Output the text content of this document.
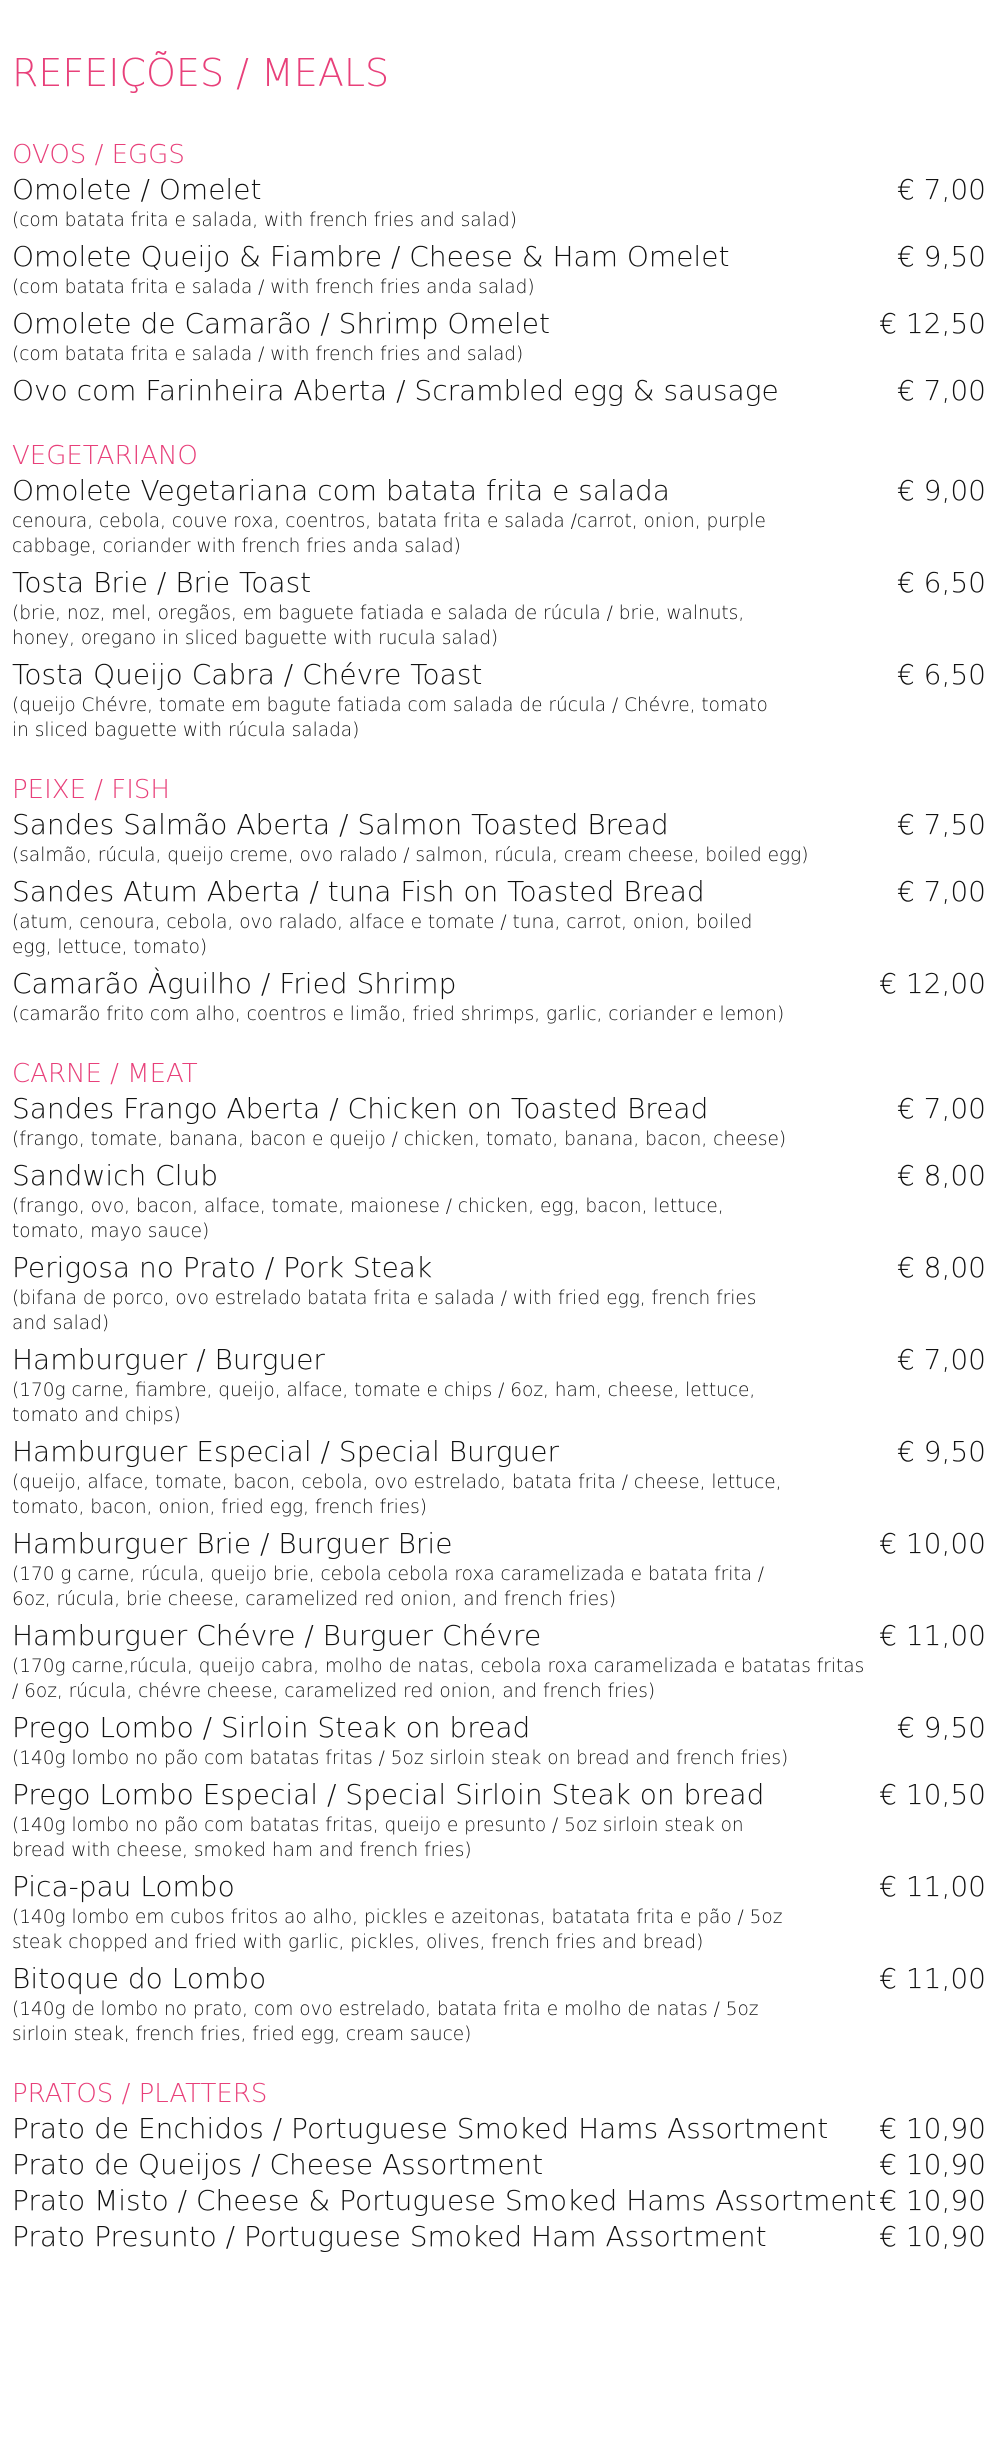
REFEIÇÕES / MEALS
OVOS / EGGS
Omolete / Omelet	€ 7,00
(com batata frita e salada, with french fries and salad)
Omolete Queijo & Fiambre / Cheese & Ham Omelet	€ 9,50
(com batata frita e salada / with french fries anda salad)
Omolete de Camarão / Shrimp Omelet	€ 12,50
(com batata frita e salada / with french fries and salad)
Ovo com Farinheira Aberta / Scrambled egg & sausage	€ 7,00
VEGETARIANO
Omolete Vegetariana com batata frita e salada	€ 9,00
cenoura, cebola, couve roxa, coentros, batata frita e salada /carrot, onion, purple cabbage, coriander with french fries anda salad)
Tosta Brie / Brie Toast	€ 6,50
(brie, noz, mel, oregãos, em baguete fatiada e salada de rúcula / brie, walnuts, honey, oregano in sliced baguette with rucula salad)
Tosta Queijo Cabra / Chévre Toast	€ 6,50
(queijo Chévre, tomate em bagute fatiada com salada de rúcula / Chévre, tomato in sliced baguette with rúcula salada)
PEIXE / FISH
Sandes Salmão Aberta / Salmon Toasted Bread	€ 7,50
(salmão, rúcula, queijo creme, ovo ralado / salmon, rúcula, cream cheese, boiled egg)
Sandes Atum Aberta / tuna Fish on Toasted Bread	€ 7,00
(atum, cenoura, cebola, ovo ralado, alface e tomate / tuna, carrot, onion, boiled egg, lettuce, tomato)
Camarão Àguilho / Fried Shrimp	€ 12,00
(camarão frito com alho, coentros e limão, fried shrimps, garlic, coriander e lemon)
CARNE / MEAT
Sandes Frango Aberta / Chicken on Toasted Bread	€ 7,00
(frango, tomate, banana, bacon e queijo / chicken, tomato, banana, bacon, cheese)
Sandwich Club	€ 8,00
(frango, ovo, bacon, alface, tomate, maionese / chicken, egg, bacon, lettuce, tomato, mayo sauce)
Perigosa no Prato / Pork Steak	€ 8,00
(bifana de porco, ovo estrelado batata frita e salada / with fried egg, french fries and salad)
Hamburguer / Burguer	€ 7,00
(170g carne, fiambre, queijo, alface, tomate e chips / 6oz, ham, cheese, lettuce, tomato and chips)
Hamburguer Especial / Special Burguer	€ 9,50
(queijo, alface, tomate, bacon, cebola, ovo estrelado, batata frita / cheese, lettuce, tomato, bacon, onion, fried egg, french fries)
Hamburguer Brie / Burguer Brie	€ 10,00
(170 g carne, rúcula, queijo brie, cebola cebola roxa caramelizada e batata frita / 6oz, rúcula, brie cheese, caramelized red onion, and french fries)
Hamburguer Chévre / Burguer Chévre	€ 11,00
(170g carne,rúcula, queijo cabra, molho de natas, cebola roxa caramelizada e batatas fritas / 6oz, rúcula, chévre cheese, caramelized red onion, and french fries)
Prego Lombo / Sirloin Steak on bread	€ 9,50
(140g lombo no pão com batatas fritas / 5oz sirloin steak on bread and french fries)
Prego Lombo Especial / Special Sirloin Steak on bread	€ 10,50
(140g lombo no pão com batatas fritas, queijo e presunto / 5oz sirloin steak on bread with cheese, smoked ham and french fries)
Pica-pau Lombo	€ 11,00
(140g lombo em cubos fritos ao alho, pickles e azeitonas, batatata frita e pão / 5oz steak chopped and fried with garlic, pickles, olives, french fries and bread)
Bitoque do Lombo	€ 11,00
(140g de lombo no prato, com ovo estrelado, batata frita e molho de natas / 5oz sirloin steak, french fries, fried egg, cream sauce)
PRATOS / PLATTERS
Prato de Enchidos / Portuguese Smoked Hams Assortment € 10,90
Prato de Queijos / Cheese Assortment	€ 10,90
Prato Misto / Cheese & Portuguese Smoked Hams Assortment € 10,90
Prato Presunto / Portuguese Smoked Ham Assortment	€ 10,90
